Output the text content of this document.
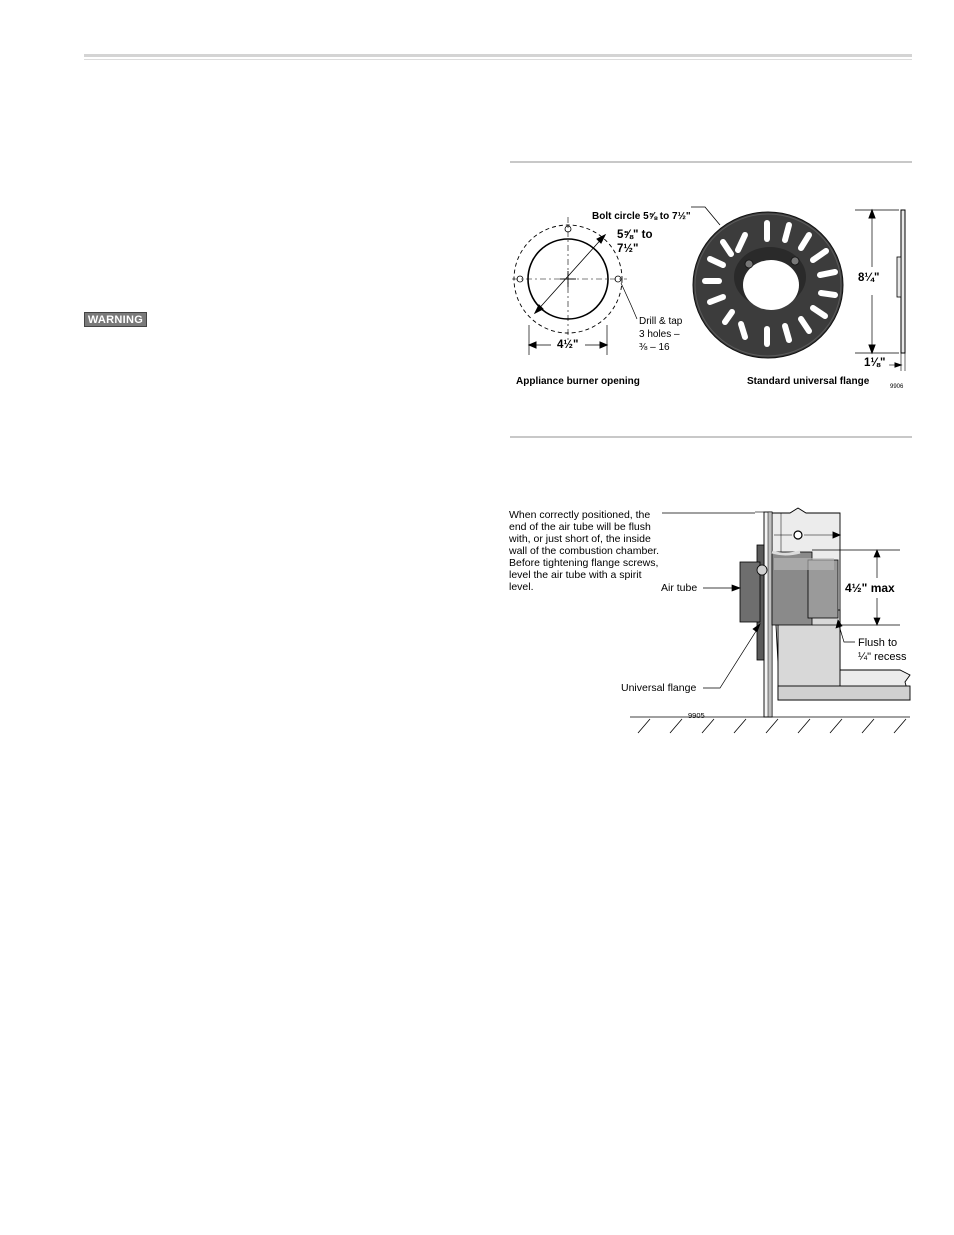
WARNING
Bolt circle 5⅝ to 7½"
5⅝" to
7½"
Drill & tap
3 holes –
⅜ – 16
4½"
8¼"
1⅛"
Appliance burner opening	Standard universal flange	9906
When correctly positioned, the end of the air tube will be flush with, or just short of, the inside wall of the combustion chamber. Before tightening flange screws, level the air tube with a spirit level.	Air tube	4½" max
Flush to
¼" recess
Universal flange
9905
